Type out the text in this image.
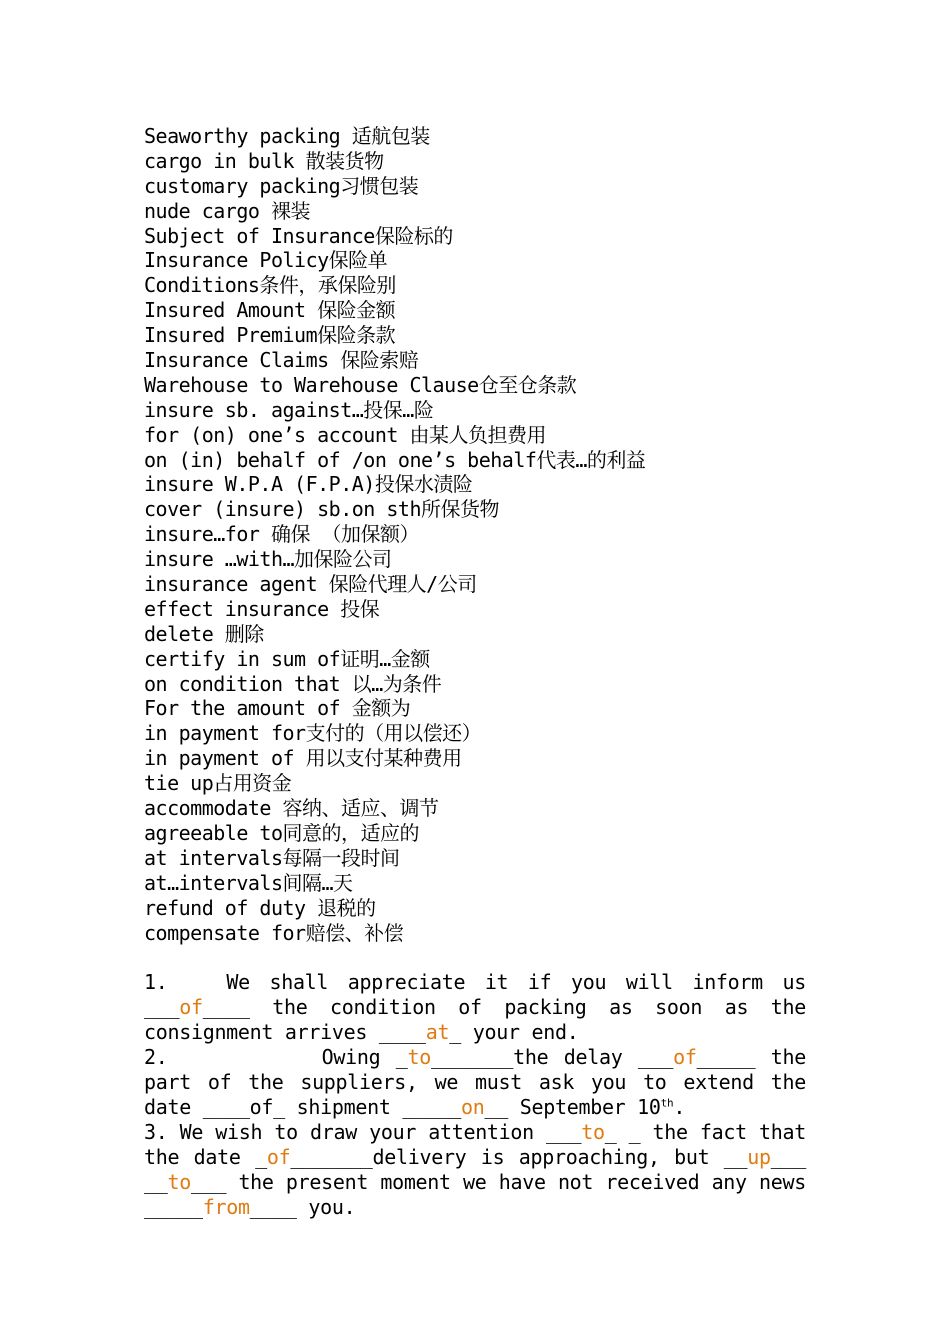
Seaworthy packing 适航包装
cargo in bulk 散装货物
customary packing习惯包装
nude cargo 裸装
Subject of Insurance保险标的
Insurance Policy保险单
Conditions条件，承保险别
Insured Amount 保险金额
Insured Premium保险条款
Insurance Claims 保险索赔
Warehouse to Warehouse Clause仓至仓条款
insure sb. against…投保…险
for (on) one’s account 由某人负担费用
on (in) behalf of /on one’s behalf代表…的利益
insure W.P.A (F.P.A)投保水渍险
cover (insure) sb.on sth所保货物
insure…for 确保 （加保额）
insure …with…加保险公司
insurance agent 保险代理人/公司
effect insurance 投保
delete 删除
certify in sum of证明…金额
on condition that 以…为条件
For the amount of 金额为
in payment for支付的（用以偿还）
in payment of 用以支付某种费用
tie up占用资金
accommodate 容纳、适应、调节
agreeable to同意的，适应的
at intervals每隔一段时间
at…intervals间隔…天
refund of duty 退税的
compensate for赔偿、补偿

1.	We shall appreciate it if you will inform us ___of____ the condition of packing as soon as the consignment arrives ____at_ your end.

2.	Owing _to_______the delay ___of_____ the part of the suppliers, we must ask you to extend the date ____of_ shipment _____on__ September 10th.

3. We wish to draw your attention ___to_ _ the fact that the date _of_______delivery is approaching, but __up___ __to___ the present moment we have not received any news _____from____ you.
